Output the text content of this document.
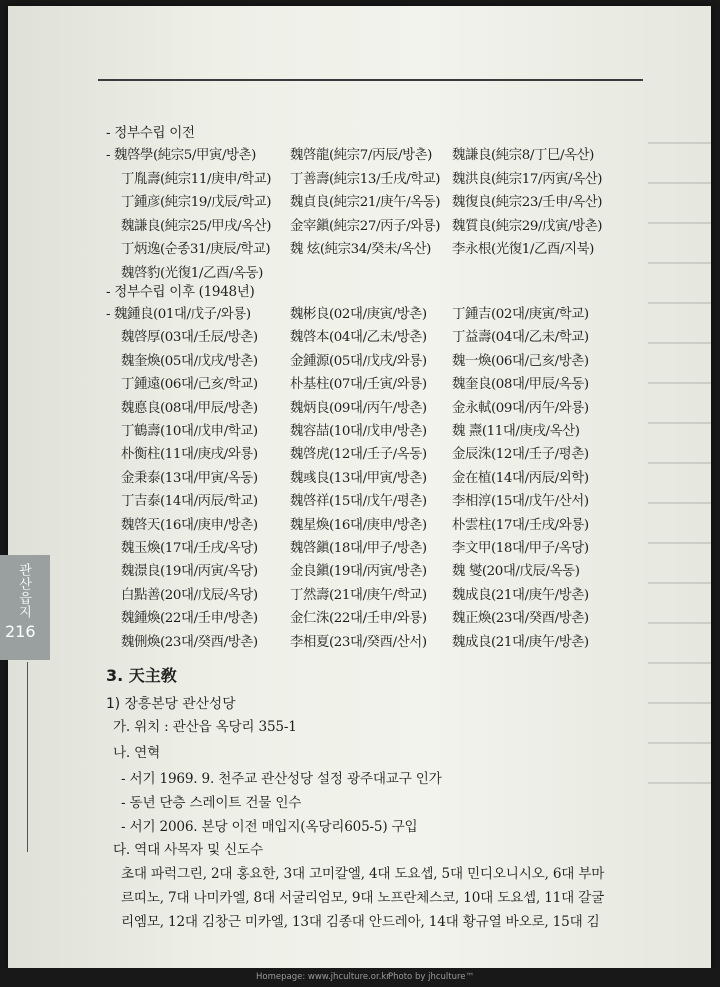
- 정부수립 이전
- 魏啓學(純宗5/甲寅/방촌)	魏啓龍(純宗7/丙辰/방촌) 魏謙良(純宗8/丁巳/옥산)
丁胤壽(純宗11/庚申/학교) 丁善壽(純宗13/壬戌/학교) 魏洪良(純宗17/丙寅/옥산)
丁鍾彦(純宗19/戊辰/학교) 魏貞良(純宗21/庚午/옥동) 魏復良(純宗23/壬申/옥산)
魏謙良(純宗25/甲戌/옥산) 金宰鎭(純宗27/丙子/와룡) 魏質良(純宗29/戊寅/방촌)
丁炳逸(순종31/庚辰/학교) 魏 炫(純宗34/癸未/옥산) 李永根(光復1/乙酉/지북)
魏啓豹(光復1/乙酉/옥동)
- 정부수립 이후 (1948년)
- 魏鍾良(01대/戊子/와룡)	魏彬良(02대/庚寅/방촌) 丁鍾吉(02대/庚寅/학교)
魏啓厚(03대/壬辰/방촌) 魏啓本(04대/乙未/방촌) 丁益壽(04대/乙未/학교)
魏奎煥(05대/戊戌/방촌) 金鍾源(05대/戊戌/와룡) 魏一煥(06대/己亥/방촌)
丁鍾遠(06대/己亥/학교) 朴基柱(07대/壬寅/와룡) 魏奎良(08대/甲辰/옥동)
魏悳良(08대/甲辰/방촌) 魏炳良(09대/丙午/방촌) 金永軾(09대/丙午/와룡)
丁鶴壽(10대/戊申/학교) 魏容喆(10대/戊申/방촌) 魏 燾(11대/庚戌/옥산)
朴衡柱(11대/庚戌/와룡) 魏啓虎(12대/壬子/옥동) 金辰洙(12대/壬子/평촌)
金秉泰(13대/甲寅/옥동) 魏彧良(13대/甲寅/방촌) 金在植(14대/丙辰/외학)
丁吉泰(14대/丙辰/학교) 魏啓祥(15대/戊午/평촌) 李相淳(15대/戊午/산서)
魏啓天(16대/庚申/방촌) 魏星煥(16대/庚申/방촌) 朴雲柱(17대/壬戌/와룡)
魏玉煥(17대/壬戌/옥당) 魏啓鎭(18대/甲子/방촌) 李文甲(18대/甲子/옥당)
魏澋良(19대/丙寅/옥당) 金良鎭(19대/丙寅/방촌) 魏 燮(20대/戊辰/옥동)
白點善(20대/戊辰/옥당) 丁然壽(21대/庚午/학교) 魏成良(21대/庚午/방촌)
魏鍾煥(22대/壬申/방촌) 金仁洙(22대/壬申/와룡) 魏正煥(23대/癸酉/방촌)
魏侀煥(23대/癸酉/방촌) 李相夏(23대/癸酉/산서) 魏成良(21대/庚午/방촌)
관산읍지
216
3. 天主敎
1) 장흥본당 관산성당
가. 위치 : 관산읍 옥당리 355-1
나. 연혁
- 서기 1969. 9. 천주교 관산성당 설정 광주대교구 인가
- 동년 단층 스레이트 건물 인수
- 서기 2006. 본당 이전 매입지(옥당리605-5) 구입
다. 역대 사목자 및 신도수
초대 파럭그린, 2대 홍요한, 3대 고미칼엘, 4대 도요셉, 5대 민디오니시오, 6대 부마
르띠노, 7대 나미카엘, 8대 서굴리엄모, 9대 노프란체스코, 10대 도요셉, 11대 갈굴
리엠모, 12대 김창근 미카엘, 13대 김종대 안드레아, 14대 황규열 바오로, 15대 김
Homepage: www.jhculture.or.kr
Photo by jhculture™
